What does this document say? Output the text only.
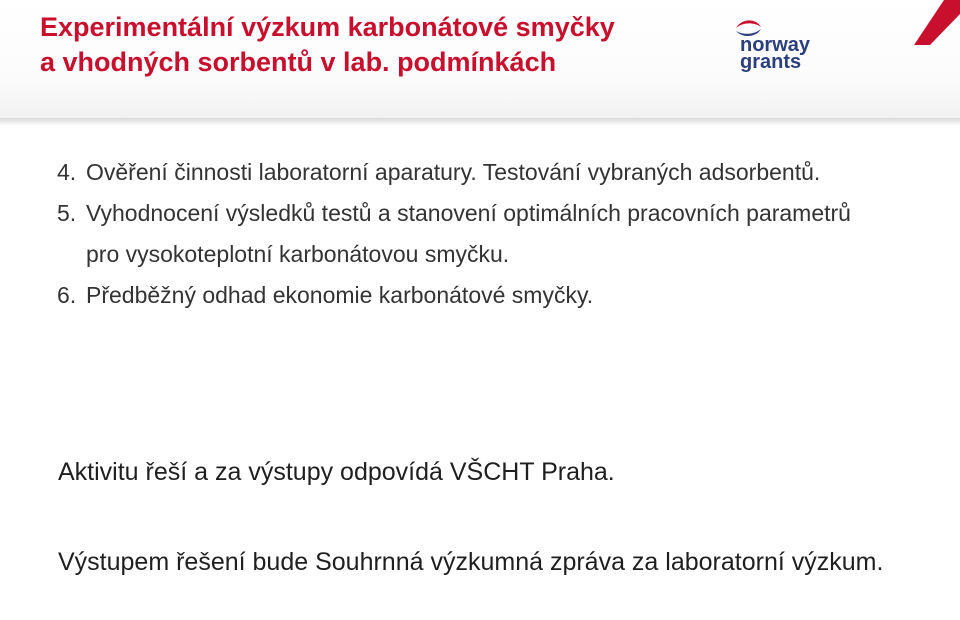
Experimentální výzkum karbonátové smyčky
a vhodných sorbentů v lab. podmínkách
norway
grants

4. Ověření činnosti laboratorní aparatury. Testování vybraných adsorbentů.

5. Vyhodnocení výsledků testů a stanovení optimálních pracovních parametrů pro vysokoteplotní karbonátovou smyčku.

6. Předběžný odhad ekonomie karbonátové smyčky.

Aktivitu řeší a za výstupy odpovídá VŠCHT Praha.

Výstupem řešení bude Souhrnná výzkumná zpráva za laboratorní výzkum.
